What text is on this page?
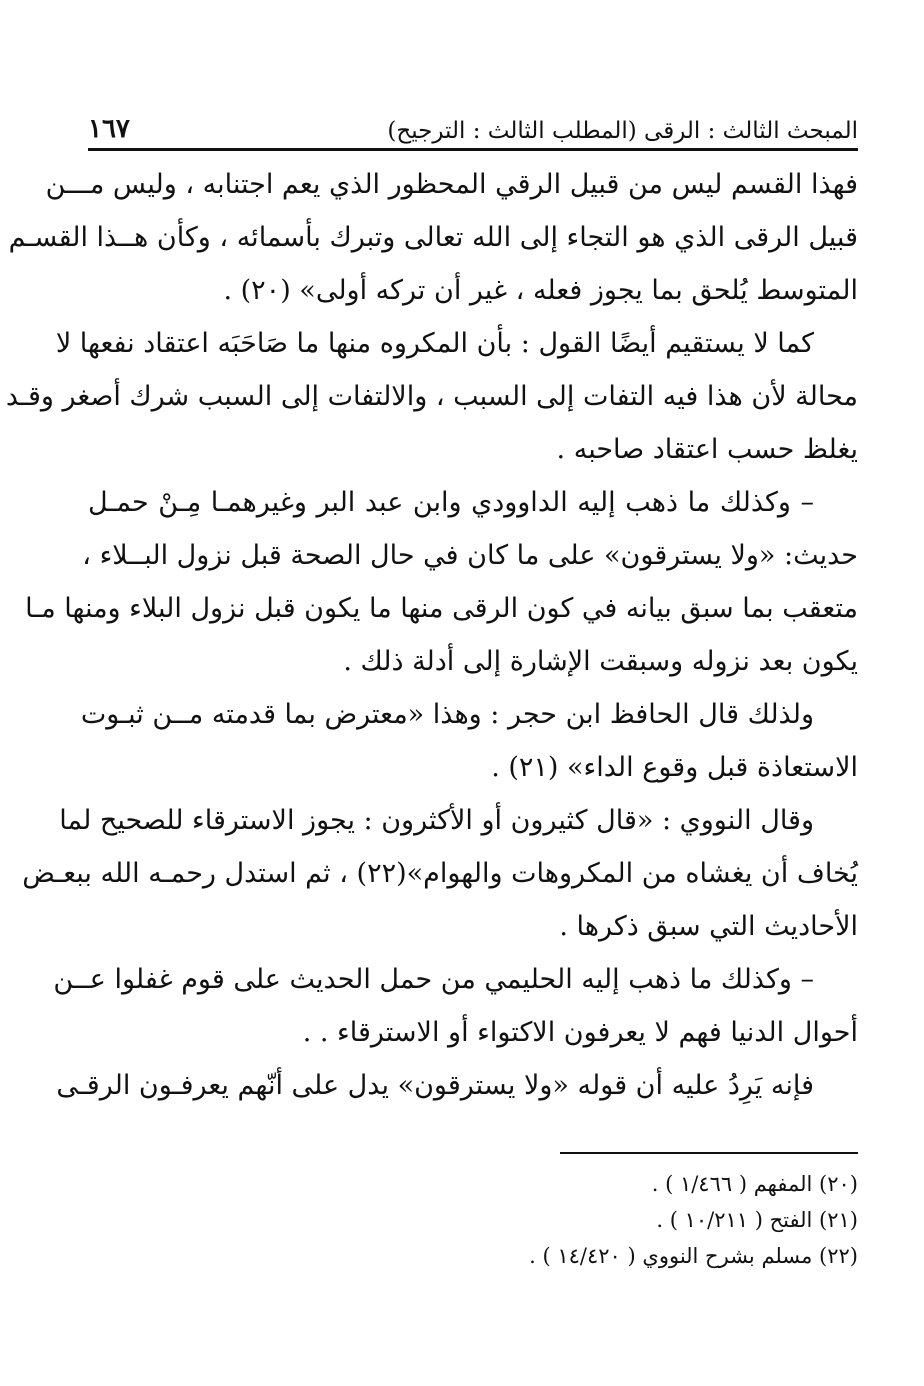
المبحث الثالث : الرقى (المطلب الثالث : الترجيح)
١٦٧
فهذا القسم ليس من قبيل الرقي المحظور الذي يعم اجتنابه ، وليس مـــن
قبيل الرقى الذي هو التجاء إلى الله تعالى وتبرك بأسمائه ، وكأن هــذا القسـم
المتوسط يُلحق بما يجوز فعله ، غير أن تركه أولى» (٢٠) .
كما لا يستقيم أيضًا القول : بأن المكروه منها ما صَاحَبَه اعتقاد نفعها لا
محالة لأن هذا فيه التفات إلى السبب ، والالتفات إلى السبب شرك أصغر وقـد
يغلظ حسب اعتقاد صاحبه .
– وكذلك ما ذهب إليه الداوودي وابن عبد البر وغيرهمـا مِـنْ حمـل
حديث: «ولا يسترقون» على ما كان في حال الصحة قبل نزول البــلاء ،
متعقب بما سبق بيانه في كون الرقى منها ما يكون قبل نزول البلاء ومنها مـا
يكون بعد نزوله وسبقت الإشارة إلى أدلة ذلك .
ولذلك قال الحافظ ابن حجر : وهذا «معترض بما قدمته مــن ثبـوت
الاستعاذة قبل وقوع الداء» (٢١) .
وقال النووي : «قال كثيرون أو الأكثرون : يجوز الاسترقاء للصحيح لما
يُخاف أن يغشاه من المكروهات والهوام»(٢٢) ، ثم استدل رحمـه الله ببعـض
الأحاديث التي سبق ذكرها .
– وكذلك ما ذهب إليه الحليمي من حمل الحديث على قوم غفلوا عــن
أحوال الدنيا فهم لا يعرفون الاكتواء أو الاسترقاء . .
فإنه يَرِدُ عليه أن قوله «ولا يسترقون» يدل على أنّهم يعرفـون الرقـى
(٢٠) المفهم ( ١/٤٦٦ ) .
(٢١) الفتح ( ١٠/٢١١ ) .
(٢٢) مسلم بشرح النووي ( ١٤/٤٢٠ ) .
